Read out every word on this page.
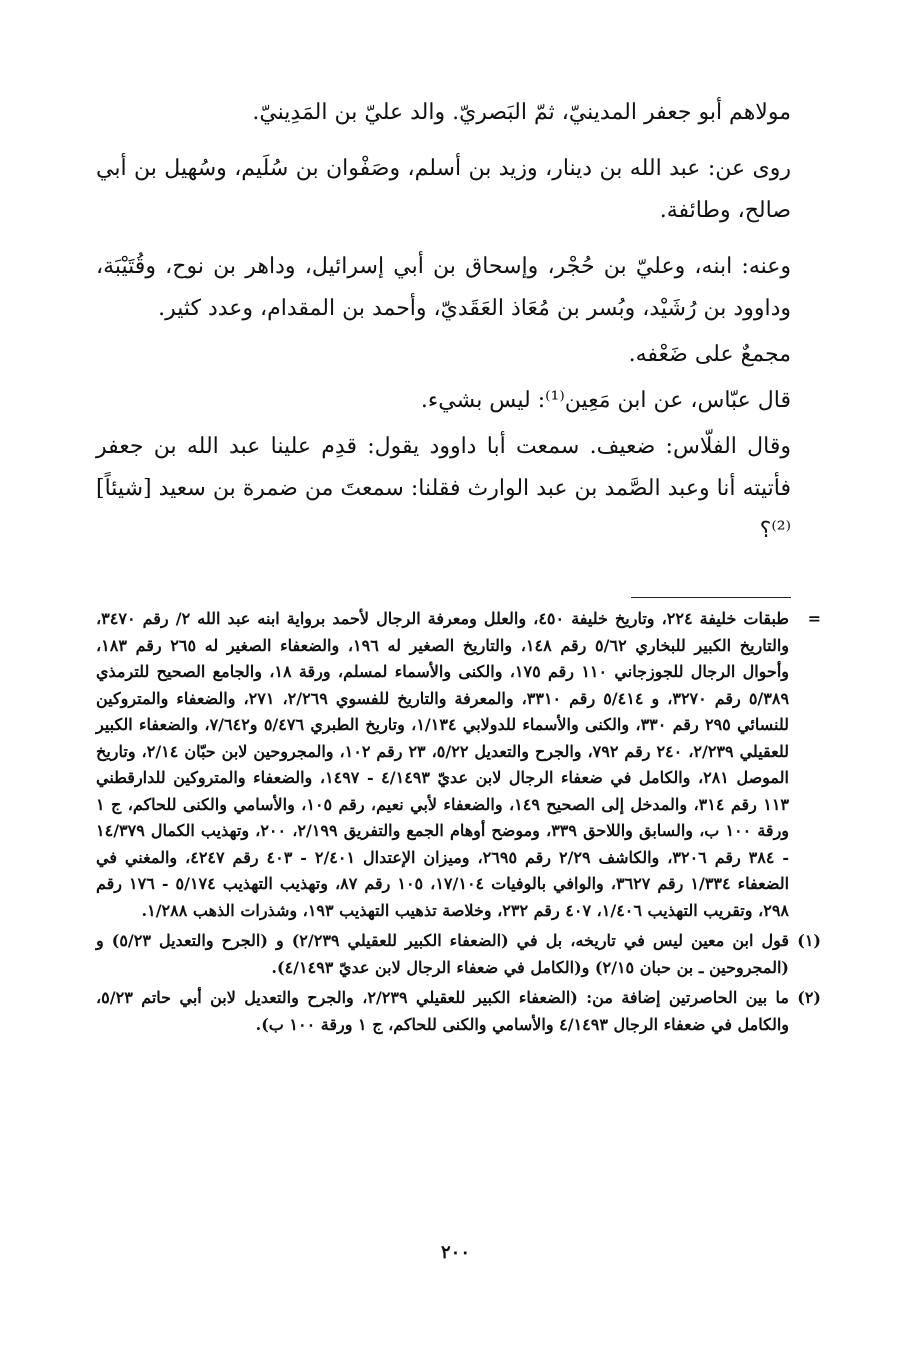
مولاهم أبو جعفر المدينيّ، ثمّ البَصريّ. والد عليّ بن المَدِينيّ.

روى عن: عبد الله بن دينار، وزيد بن أسلم، وصَفْوان بن سُلَيم، وسُهيل بن أبي صالح، وطائفة.

وعنه: ابنه، وعليّ بن حُجْر، وإسحاق بن أبي إسرائيل، وداهر بن نوح، وقُتَيْبَة، وداوود بن رُشَيْد، وبُسر بن مُعَاذ العَقَديّ، وأحمد بن المقدام، وعدد كثير.

مجمعٌ على ضَعْفه.

قال عبّاس، عن ابن مَعِين⁽¹⁾: ليس بشيء.

وقال الفلّاس: ضعيف. سمعت أبا داوود يقول: قدِم علينا عبد الله بن جعفر فأتيته أنا وعبد الصَّمد بن عبد الوارث فقلنا: سمعتَ من ضمرة بن سعيد [شيئاً]⁽²⁾؟

=
طبقات خليفة ٢٢٤، وتاريخ خليفة ٤٥٠، والعلل ومعرفة الرجال لأحمد برواية ابنه عبد الله ٢/ رقم ٣٤٧٠، والتاريخ الكبير للبخاري ٥/٦٢ رقم ١٤٨، والتاريخ الصغير له ١٩٦، والضعفاء الصغير له ٢٦٥ رقم ١٨٣، وأحوال الرجال للجوزجاني ١١٠ رقم ١٧٥، والكنى والأسماء لمسلم، ورقة ١٨، والجامع الصحيح للترمذي ٥/٣٨٩ رقم ٣٢٧٠، و ٥/٤١٤ رقم ٣٣١٠، والمعرفة والتاريخ للفسوي ٢/٢٦٩، ٢٧١، والضعفاء والمتروكين للنسائي ٢٩٥ رقم ٣٣٠، والكنى والأسماء للدولابي ١/١٣٤، وتاريخ الطبري ٥/٤٧٦ و٧/٦٤٢، والضعفاء الكبير للعقيلي ٢/٢٣٩، ٢٤٠ رقم ٧٩٢، والجرح والتعديل ٥/٢٢، ٢٣ رقم ١٠٢، والمجروحين لابن حبّان ٢/١٤، وتاريخ الموصل ٢٨١، والكامل في ضعفاء الرجال لابن عديّ ٤/١٤٩٣ - ١٤٩٧، والضعفاء والمتروكين للدارقطني ١١٣ رقم ٣١٤، والمدخل إلى الصحيح ١٤٩، والضعفاء لأبي نعيم، رقم ١٠٥، والأسامي والكنى للحاكم، ج ١ ورقة ١٠٠ ب، والسابق واللاحق ٣٣٩، وموضح أوهام الجمع والتفريق ٢/١٩٩، ٢٠٠، وتهذيب الكمال ١٤/٣٧٩ - ٣٨٤ رقم ٣٢٠٦، والكاشف ٢/٢٩ رقم ٢٦٩٥، وميزان الإعتدال ٢/٤٠١ - ٤٠٣ رقم ٤٢٤٧، والمغني في الضعفاء ١/٣٣٤ رقم ٣٦٢٧، والوافي بالوفيات ١٧/١٠٤، ١٠٥ رقم ٨٧، وتهذيب التهذيب ٥/١٧٤ - ١٧٦ رقم ٢٩٨، وتقريب التهذيب ١/٤٠٦، ٤٠٧ رقم ٢٣٢، وخلاصة تذهيب التهذيب ١٩٣، وشذرات الذهب ١/٢٨٨.
(١)
قول ابن معين ليس في تاريخه، بل في (الضعفاء الكبير للعقيلي ٢/٢٣٩) و (الجرح والتعديل ٥/٢٣) و (المجروحين ـ بن حبان ٢/١٥) و(الكامل في ضعفاء الرجال لابن عديّ ٤/١٤٩٣).
(٢)
ما بين الحاصرتين إضافة من: (الضعفاء الكبير للعقيلي ٢/٢٣٩، والجرح والتعديل لابن أبي حاتم ٥/٢٣، والكامل في ضعفاء الرجال ٤/١٤٩٣ والأسامي والكنى للحاكم، ج ١ ورقة ١٠٠ ب).
٢٠٠
